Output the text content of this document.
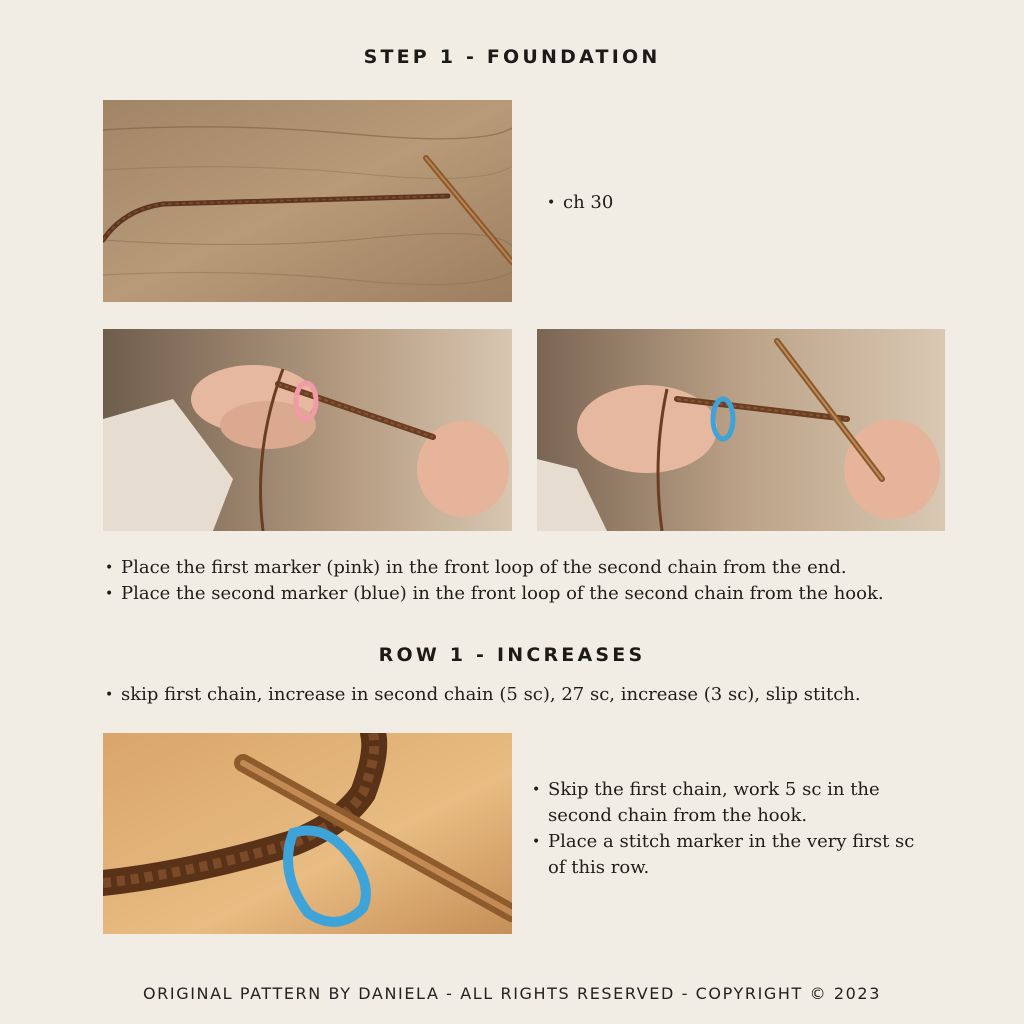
STEP 1 - FOUNDATION
• ch 30
• Place the first marker (pink) in the front loop of the second chain from the end.
• Place the second marker (blue) in the front loop of the second chain from the hook.
ROW 1 - INCREASES
• skip first chain, increase in second chain (5 sc), 27 sc, increase (3 sc), slip stitch.
• Skip the first chain, work 5 sc in the second chain from the hook.
• Place a stitch marker in the very first sc of this row.
ORIGINAL PATTERN BY DANIELA - ALL RIGHTS RESERVED - COPYRIGHT © 2023
